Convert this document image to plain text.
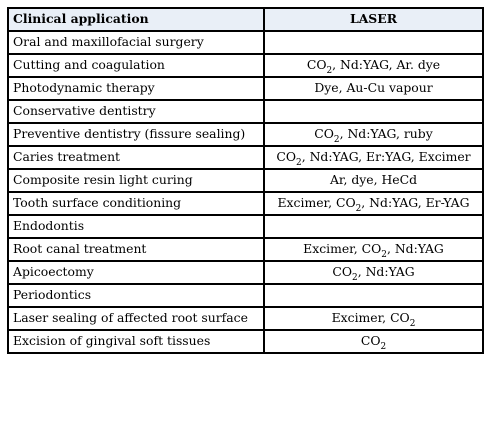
Clinical application	LASER
Oral and maxillofacial surgery	
Cutting and coagulation	$CO_2$, Nd:YAG, Ar. dye
Photodynamic therapy	Dye, Au-Cu vapour
Conservative dentistry	
Preventive dentistry (fissure sealing)	$CO_2$, Nd:YAG, ruby
Caries treatment	$CO_2$, Nd:YAG, Er:YAG, Excimer
Composite resin light curing	Ar, dye, HeCd
Tooth surface conditioning	Excimer, $CO_2$, Nd:YAG, Er-YAG
Endodontis	
Root canal treatment	Excimer, $CO_2$, Nd:YAG
Apicoectomy	$CO_2$, Nd:YAG
Periodontics	
Laser sealing of affected root surface	Excimer, $CO_2$
Excision of gingival soft tissues	$CO_2$
